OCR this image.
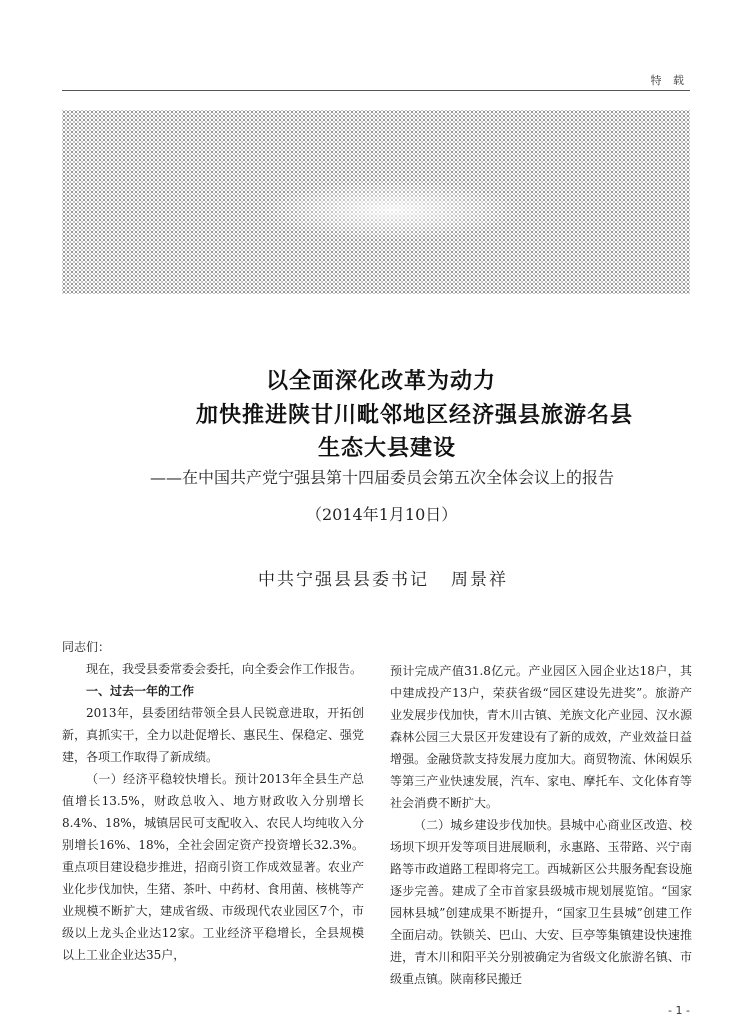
特 载
以全面深化改革为动力
加快推进陕甘川毗邻地区经济强县旅游名县
生态大县建设
——在中国共产党宁强县第十四届委员会第五次全体会议上的报告
（2014年1月10日）
中共宁强县县委书记 周景祥

同志们：

现在，我受县委常委会委托，向全委会作工作报告。

一、过去一年的工作

2013年，县委团结带领全县人民锐意进取，开拓创新，真抓实干，全力以赴促增长、惠民生、保稳定、强党建，各项工作取得了新成绩。

（一）经济平稳较快增长。预计2013年全县生产总值增长13.5%，财政总收入、地方财政收入分别增长8.4%、18%，城镇居民可支配收入、农民人均纯收入分别增长16%、18%，全社会固定资产投资增长32.3%。重点项目建设稳步推进，招商引资工作成效显著。农业产业化步伐加快，生猪、茶叶、中药材、食用菌、核桃等产业规模不断扩大，建成省级、市级现代农业园区7个，市级以上龙头企业达12家。工业经济平稳增长，全县规模以上工业企业达35户，

预计完成产值31.8亿元。产业园区入园企业达18户，其中建成投产13户，荣获省级“园区建设先进奖”。旅游产业发展步伐加快，青木川古镇、羌族文化产业园、汉水源森林公园三大景区开发建设有了新的成效，产业效益日益增强。金融贷款支持发展力度加大。商贸物流、休闲娱乐等第三产业快速发展，汽车、家电、摩托车、文化体育等社会消费不断扩大。

（二）城乡建设步伐加快。县城中心商业区改造、校场坝下坝开发等项目进展顺利，永惠路、玉带路、兴宁南路等市政道路工程即将完工。西城新区公共服务配套设施逐步完善。建成了全市首家县级城市规划展览馆。“国家园林县城”创建成果不断提升，“国家卫生县城”创建工作全面启动。铁锁关、巴山、大安、巨亭等集镇建设快速推进，青木川和阳平关分别被确定为省级文化旅游名镇、市级重点镇。陕南移民搬迁

- 1 -
